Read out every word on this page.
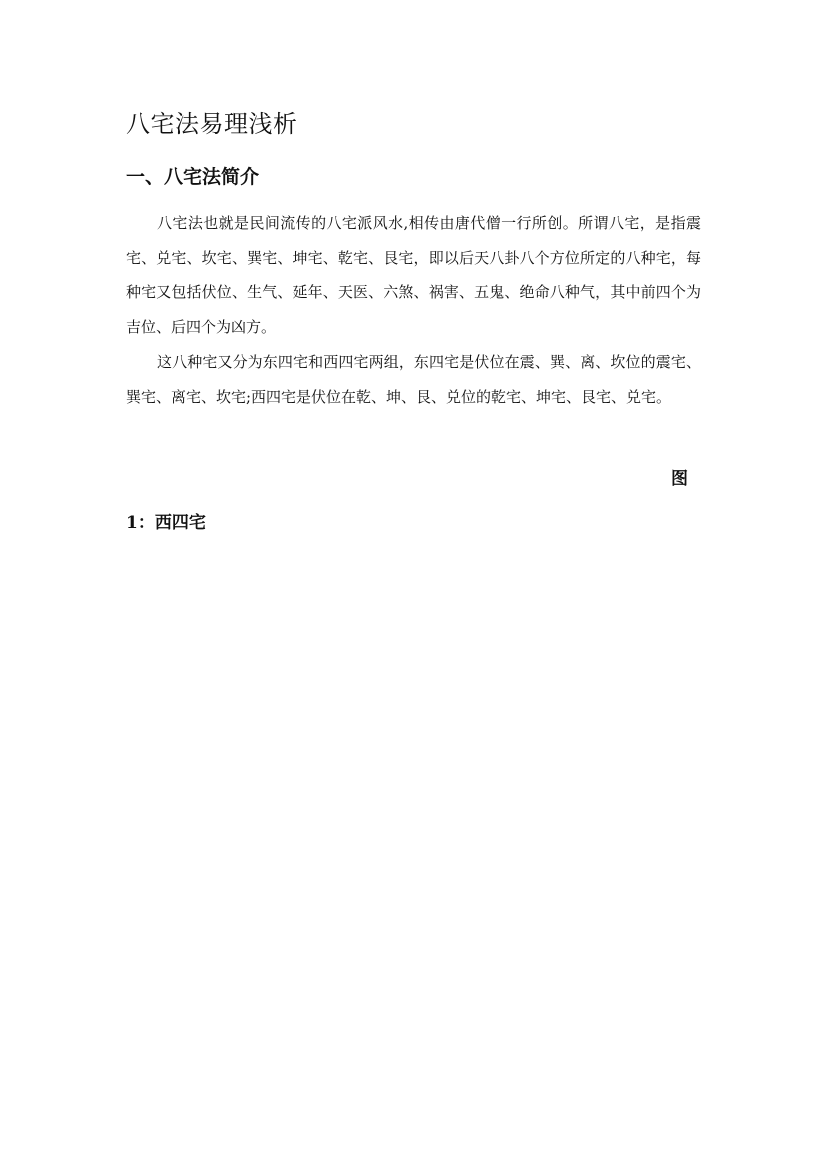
八宅法易理浅析
一、八宅法简介

八宅法也就是民间流传的八宅派风水,相传由唐代僧一行所创。所谓八宅，是指震宅、兑宅、坎宅、巽宅、坤宅、乾宅、艮宅，即以后天八卦八个方位所定的八种宅，每种宅又包括伏位、生气、延年、天医、六煞、祸害、五鬼、绝命八种气，其中前四个为吉位、后四个为凶方。

这八种宅又分为东四宅和西四宅两组，东四宅是伏位在震、巽、离、坎位的震宅、巽宅、离宅、坎宅;西四宅是伏位在乾、坤、艮、兑位的乾宅、坤宅、艮宅、兑宅。

图
1：西四宅
